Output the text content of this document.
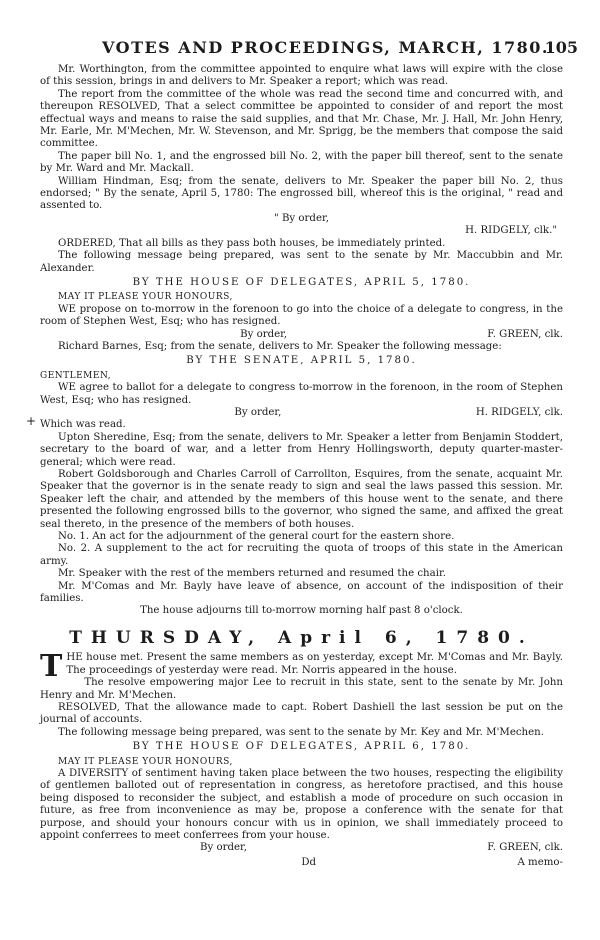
VOTES AND PROCEEDINGS, MARCH, 1780.
105

Mr. Worthington, from the committee appointed to enquire what laws will expire with the close of this session, brings in and delivers to Mr. Speaker a report; which was read.

The report from the committee of the whole was read the second time and concurred with, and thereupon RESOLVED, That a select committee be appointed to consider of and report the most effectual ways and means to raise the said supplies, and that Mr. Chase, Mr. J. Hall, Mr. John Henry, Mr. Earle, Mr. M'Mechen, Mr. W. Stevenson, and Mr. Sprigg, be the members that compose the said committee.

The paper bill No. 1, and the engrossed bill No. 2, with the paper bill thereof, sent to the senate by Mr. Ward and Mr. Mackall.

William Hindman, Esq; from the senate, delivers to Mr. Speaker the paper bill No. 2, thus endorsed; " By the senate, April 5, 1780: The engrossed bill, whereof this is the original, " read and assented to.

" By order,
H. RIDGELY, clk."

ORDERED, That all bills as they pass both houses, be immediately printed.

The following message being prepared, was sent to the senate by Mr. Maccubbin and Mr. Alexander.

BY THE HOUSE OF DELEGATES, APRIL 5, 1780.
MAY IT PLEASE YOUR HONOURS,

WE propose on to-morrow in the forenoon to go into the choice of a delegate to congress, in the room of Stephen West, Esq; who has resigned.

By order,	F. GREEN, clk.

Richard Barnes, Esq; from the senate, delivers to Mr. Speaker the following message:

BY THE SENATE, APRIL 5, 1780.
GENTLEMEN,

WE agree to ballot for a delegate to congress to-morrow in the forenoon, in the room of Stephen West, Esq; who has resigned.

By order,	H. RIDGELY, clk.
+ Which was read.

Upton Sheredine, Esq; from the senate, delivers to Mr. Speaker a letter from Benjamin Stoddert, secretary to the board of war, and a letter from Henry Hollingsworth, deputy quarter-master-general; which were read.

Robert Goldsborough and Charles Carroll of Carrollton, Esquires, from the senate, acquaint Mr. Speaker that the governor is in the senate ready to sign and seal the laws passed this session. Mr. Speaker left the chair, and attended by the members of this house went to the senate, and there presented the following engrossed bills to the governor, who signed the same, and affixed the great seal thereto, in the presence of the members of both houses.

No. 1. An act for the adjournment of the general court for the eastern shore.

No. 2. A supplement to the act for recruiting the quota of troops of this state in the American army.

Mr. Speaker with the rest of the members returned and resumed the chair.

Mr. M'Comas and Mr. Bayly have leave of absence, on account of the indisposition of their families.

The house adjourns till to-morrow morning half past 8 o'clock.
THURSDAY, April 6, 1780.

THE house met. Present the same members as on yesterday, except Mr. M'Comas and Mr. Bayly. The proceedings of yesterday were read. Mr. Norris appeared in the house.

The resolve empowering major Lee to recruit in this state, sent to the senate by Mr. John Henry and Mr. M'Mechen.

RESOLVED, That the allowance made to capt. Robert Dashiell the last session be put on the journal of accounts.

The following message being prepared, was sent to the senate by Mr. Key and Mr. M'Mechen.

BY THE HOUSE OF DELEGATES, APRIL 6, 1780.
MAY IT PLEASE YOUR HONOURS,

A DIVERSITY of sentiment having taken place between the two houses, respecting the eligibility of gentlemen balloted out of representation in congress, as heretofore practised, and this house being disposed to reconsider the subject, and establish a mode of procedure on such occasion in future, as free from inconvenience as may be, propose a conference with the senate for that purpose, and should your honours concur with us in opinion, we shall immediately proceed to appoint conferrees to meet conferrees from your house.

By order,	F. GREEN, clk.
Dd	A memo-
